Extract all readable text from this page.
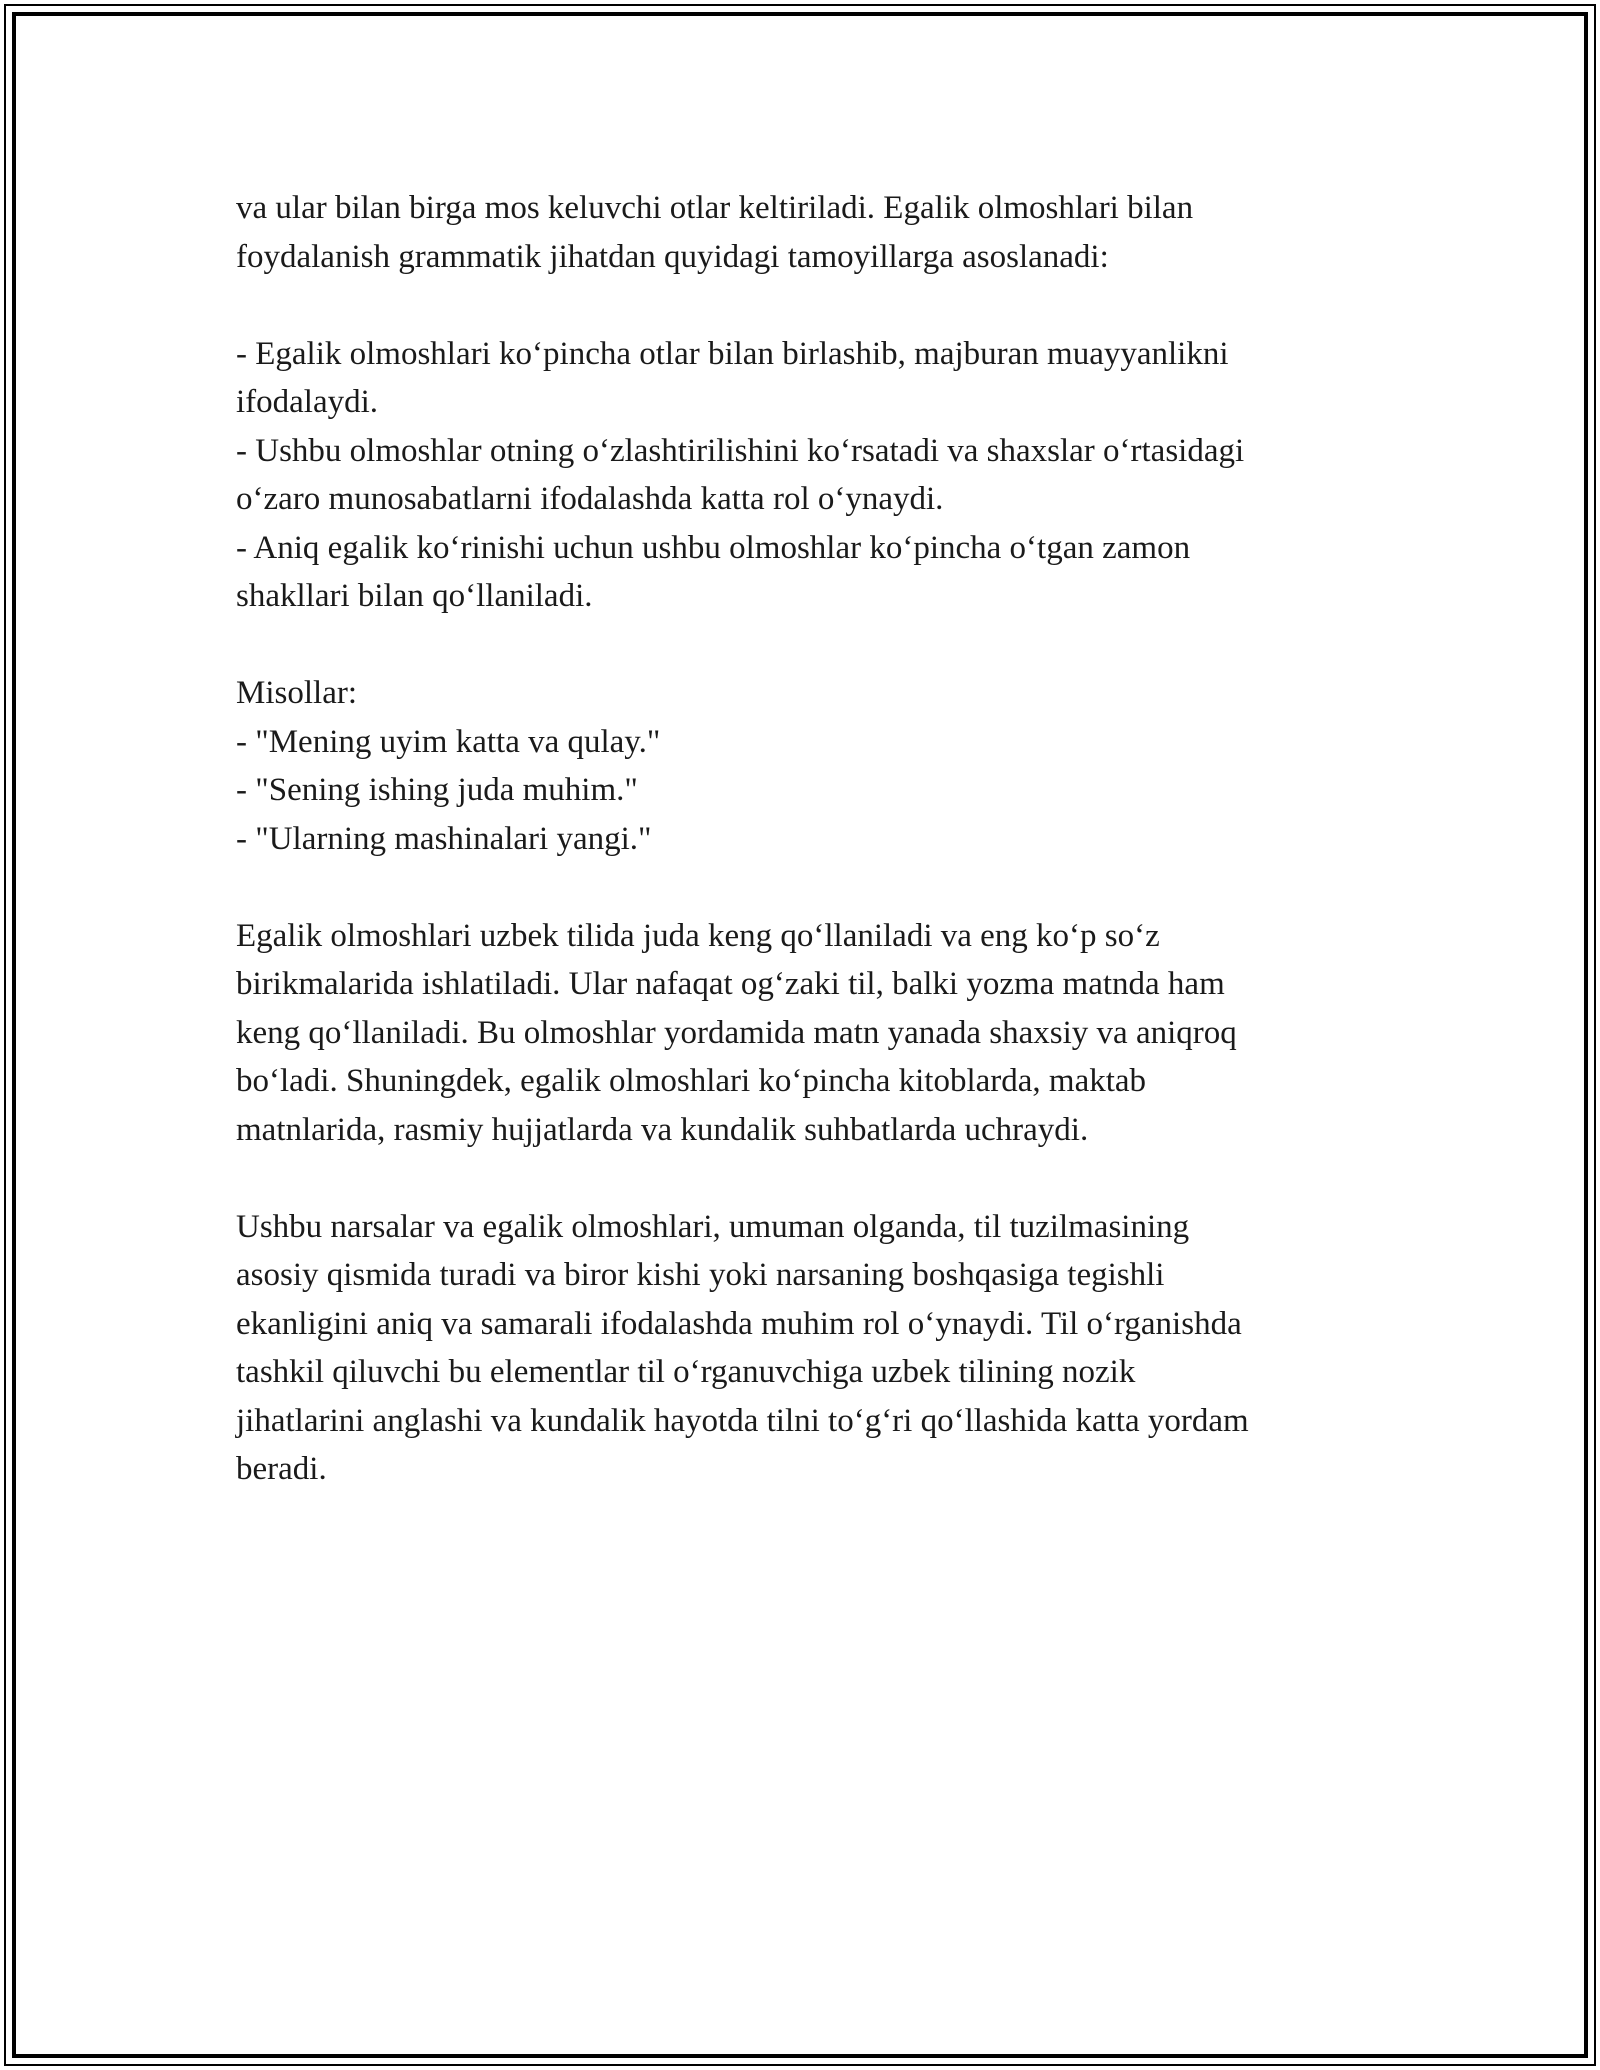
va ular bilan birga mos keluvchi otlar keltiriladi. Egalik olmoshlari bilan
foydalanish grammatik jihatdan quyidagi tamoyillarga asoslanadi:
- Egalik olmoshlari koʻpincha otlar bilan birlashib, majburan muayyanlikni
ifodalaydi.
- Ushbu olmoshlar otning oʻzlashtirilishini koʻrsatadi va shaxslar oʻrtasidagi
oʻzaro munosabatlarni ifodalashda katta rol oʻynaydi.
- Aniq egalik koʻrinishi uchun ushbu olmoshlar koʻpincha oʻtgan zamon
shakllari bilan qoʻllaniladi.
Misollar:
- "Mening uyim katta va qulay."
- "Sening ishing juda muhim."
- "Ularning mashinalari yangi."
Egalik olmoshlari uzbek tilida juda keng qoʻllaniladi va eng koʻp soʻz
birikmalarida ishlatiladi. Ular nafaqat ogʻzaki til, balki yozma matnda ham
keng qoʻllaniladi. Bu olmoshlar yordamida matn yanada shaxsiy va aniqroq
boʻladi. Shuningdek, egalik olmoshlari koʻpincha kitoblarda, maktab
matnlarida, rasmiy hujjatlarda va kundalik suhbatlarda uchraydi.
Ushbu narsalar va egalik olmoshlari, umuman olganda, til tuzilmasining
asosiy qismida turadi va biror kishi yoki narsaning boshqasiga tegishli
ekanligini aniq va samarali ifodalashda muhim rol oʻynaydi. Til oʻrganishda
tashkil qiluvchi bu elementlar til oʻrganuvchiga uzbek tilining nozik
jihatlarini anglashi va kundalik hayotda tilni toʻgʻri qoʻllashida katta yordam
beradi.
